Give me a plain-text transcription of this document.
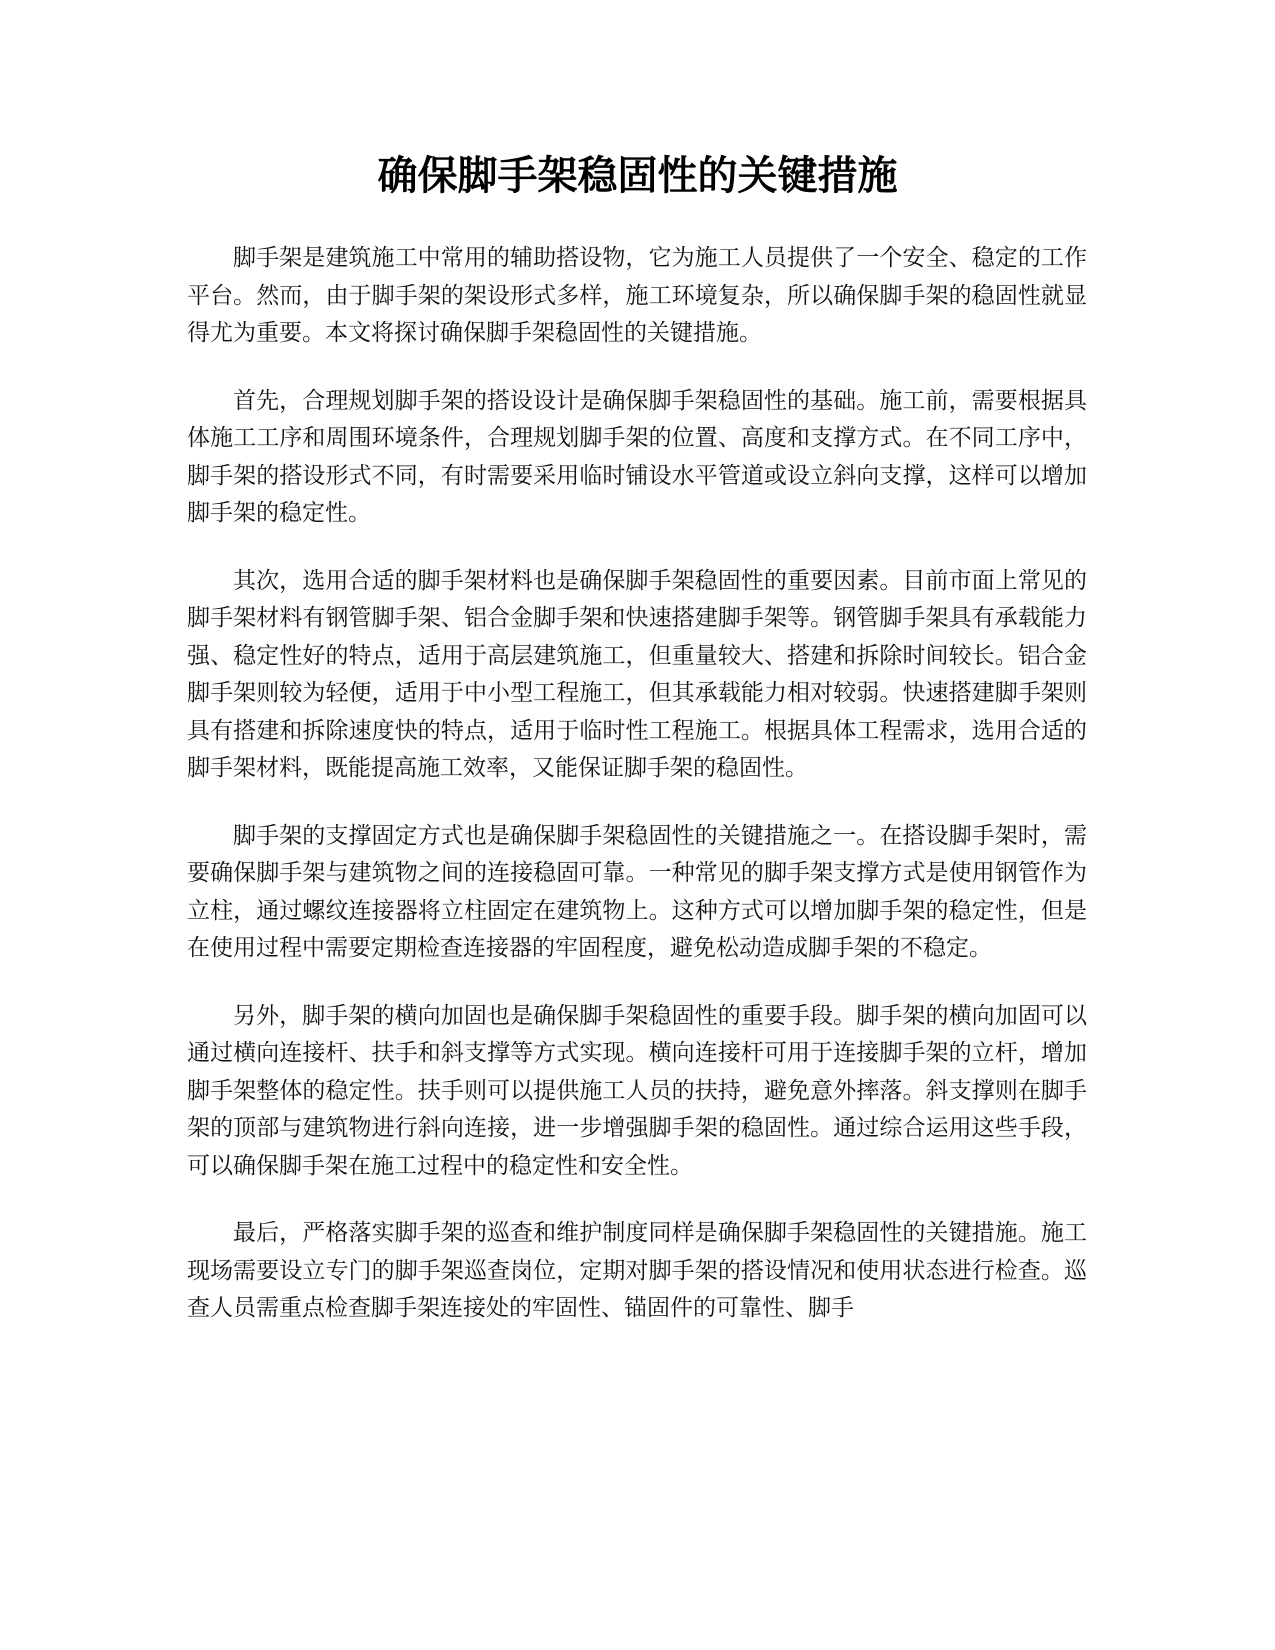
确保脚手架稳固性的关键措施

脚手架是建筑施工中常用的辅助搭设物，它为施工人员提供了一个安全、稳定的工作平台。然而，由于脚手架的架设形式多样，施工环境复杂，所以确保脚手架的稳固性就显得尤为重要。本文将探讨确保脚手架稳固性的关键措施。

首先，合理规划脚手架的搭设设计是确保脚手架稳固性的基础。施工前，需要根据具体施工工序和周围环境条件，合理规划脚手架的位置、高度和支撑方式。在不同工序中，脚手架的搭设形式不同，有时需要采用临时铺设水平管道或设立斜向支撑，这样可以增加脚手架的稳定性。

其次，选用合适的脚手架材料也是确保脚手架稳固性的重要因素。目前市面上常见的脚手架材料有钢管脚手架、铝合金脚手架和快速搭建脚手架等。钢管脚手架具有承载能力强、稳定性好的特点，适用于高层建筑施工，但重量较大、搭建和拆除时间较长。铝合金脚手架则较为轻便，适用于中小型工程施工，但其承载能力相对较弱。快速搭建脚手架则具有搭建和拆除速度快的特点，适用于临时性工程施工。根据具体工程需求，选用合适的脚手架材料，既能提高施工效率，又能保证脚手架的稳固性。

脚手架的支撑固定方式也是确保脚手架稳固性的关键措施之一。在搭设脚手架时，需要确保脚手架与建筑物之间的连接稳固可靠。一种常见的脚手架支撑方式是使用钢管作为立柱，通过螺纹连接器将立柱固定在建筑物上。这种方式可以增加脚手架的稳定性，但是在使用过程中需要定期检查连接器的牢固程度，避免松动造成脚手架的不稳定。

另外，脚手架的横向加固也是确保脚手架稳固性的重要手段。脚手架的横向加固可以通过横向连接杆、扶手和斜支撑等方式实现。横向连接杆可用于连接脚手架的立杆，增加脚手架整体的稳定性。扶手则可以提供施工人员的扶持，避免意外摔落。斜支撑则在脚手架的顶部与建筑物进行斜向连接，进一步增强脚手架的稳固性。通过综合运用这些手段，可以确保脚手架在施工过程中的稳定性和安全性。

最后，严格落实脚手架的巡查和维护制度同样是确保脚手架稳固性的关键措施。施工现场需要设立专门的脚手架巡查岗位，定期对脚手架的搭设情况和使用状态进行检查。巡查人员需重点检查脚手架连接处的牢固性、锚固件的可靠性、脚手
